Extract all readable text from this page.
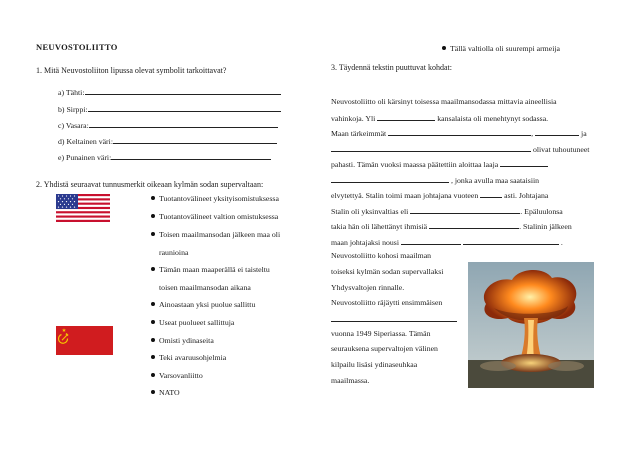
NEUVOSTOLIITTO
1. Mitä Neuvostoliiton lipussa olevat symbolit tarkoittavat?
a) Tähti:
b) Sirppi:
c) Vasara:
d) Keltainen väri:
e) Punainen väri:
2. Yhdistä seuraavat tunnusmerkit oikeaan kylmän sodan supervaltaan:
Tällä valtiolla oli suurempi armeija
Tuotantovälineet yksityisomistuksessa
Tuotantovälineet valtion omistuksessa
Toisen maailmansodan jälkeen maa oli
raunioina
Tämän maan maaperällä ei taisteltu
toisen maailmansodan aikana
Ainoastaan yksi puolue sallittu
Useat puolueet sallittuja
Omisti ydinaseita
Teki avaruusohjelmia
Varsovanliitto
NATO
3. Täydennä tekstin puuttuvat kohdat:
Neuvostoliitto oli kärsinyt toisessa maailmansodassa mittavia aineellisia
vahinkoja. Yli	kansalaista oli menehtynyt sodassa.
Maan tärkeimmät	,	ja
olivat tuhoutuneet
pahasti. Tämän vuoksi maassa päätettiin aloittaa laaja
, jonka avulla maa saataisiin
elvytettyä. Stalin toimi maan johtajana vuoteen	asti. Johtajana
Stalin oli yksinvaltias eli	. Epäluulonsa
takia hän oli lähettänyt ihmisiä	. Stalinin jälkeen
maan johtajaksi nousi	.
Neuvostoliitto kohosi maailman
toiseksi kylmän sodan supervallaksi
Yhdysvaltojen rinnalle.
Neuvostoliitto räjäytti ensimmäisen
vuonna 1949 Siperiassa. Tämän
seurauksena supervaltojen välinen
kilpailu lisäsi ydinaseuhkaa
maailmassa.
